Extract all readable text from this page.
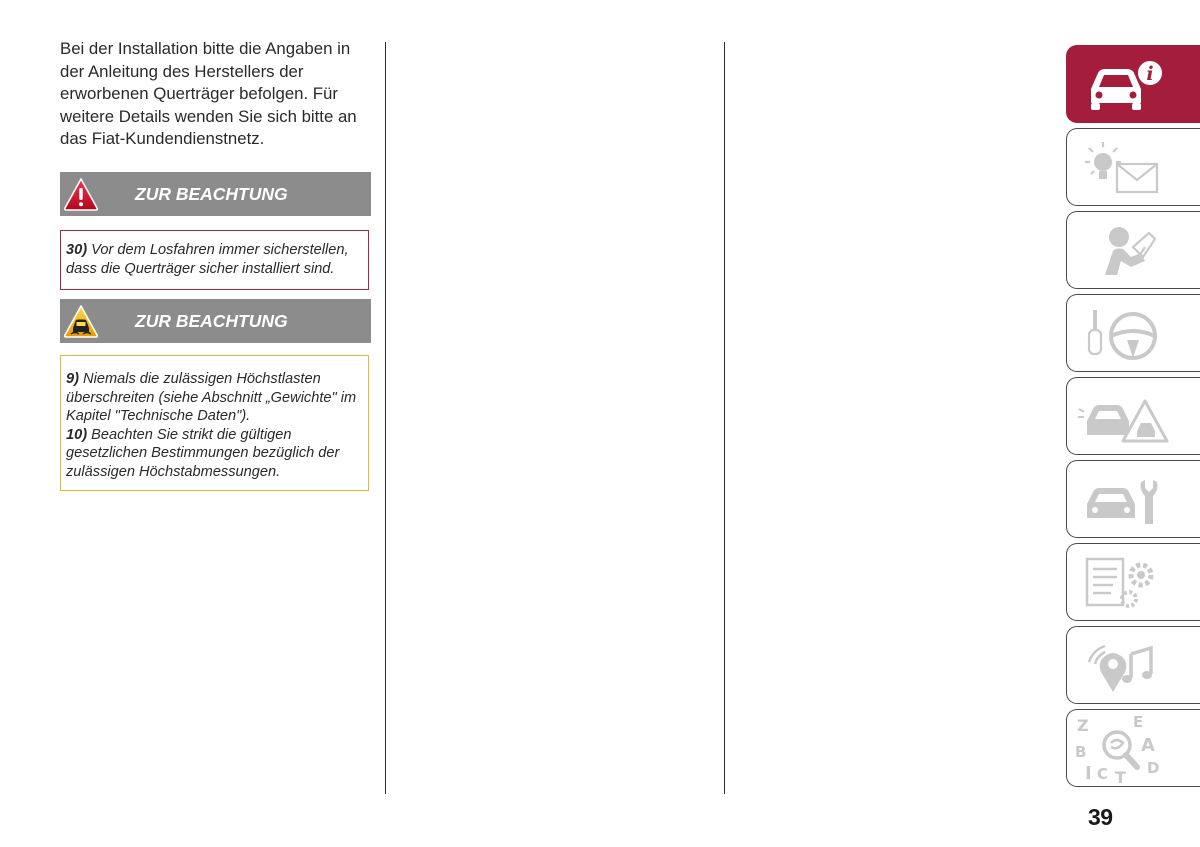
Bei der Installation bitte die Angaben in der Anleitung des Herstellers der erworbenen Querträger befolgen. Für weitere Details wenden Sie sich bitte an das Fiat-Kundendienstnetz.
ZUR BEACHTUNG
30) Vor dem Losfahren immer sicherstellen, dass die Querträger sicher installiert sind.
ZUR BEACHTUNG
9) Niemals die zulässigen Höchstlasten überschreiten (siehe Abschnitt „Gewichte" im Kapitel "Technische Daten").
10) Beachten Sie strikt die gültigen gesetzlichen Bestimmungen bezüglich der zulässigen Höchstabmessungen.
i
Z	E
B	A
I C T D
39
